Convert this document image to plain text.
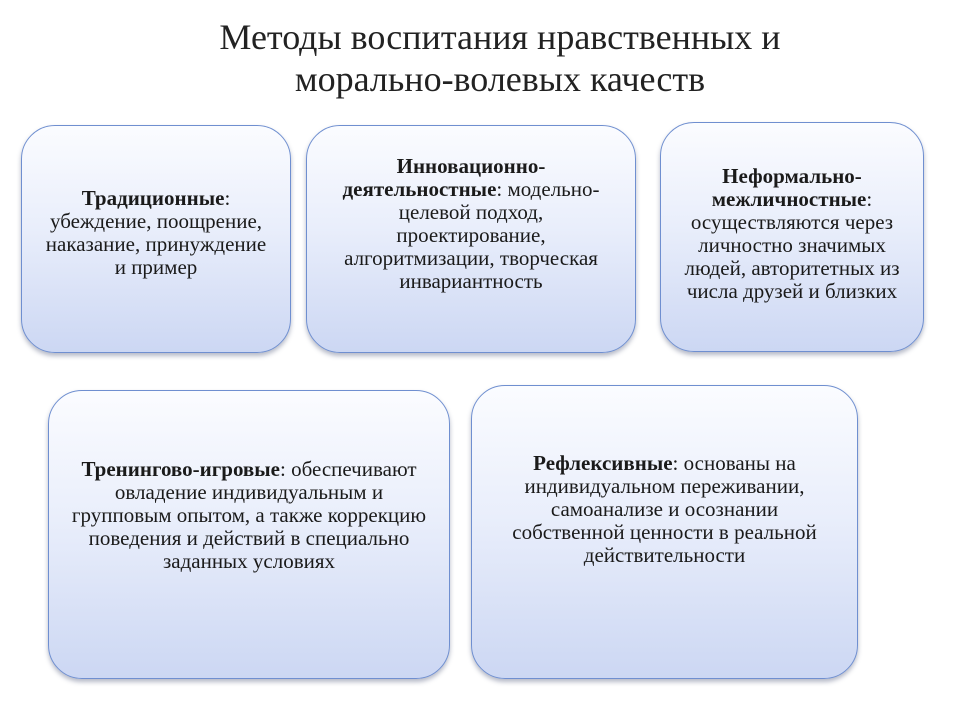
Методы воспитания нравственных и
морально-волевых качеств
Традиционные: убеждение, поощрение, наказание, принуждение и пример
Инновационно-деятельностные: модельно-целевой подход, проектирование, алгоритмизации, творческая инвариантность
Неформально-межличностные: осуществляются через личностно значимых людей, авторитетных из числа друзей и близких
Тренингово-игровые: обеспечивают овладение индивидуальным и групповым опытом, а также коррекцию поведения и действий в специально заданных условиях
Рефлексивные: основаны на индивидуальном переживании, самоанализе и осознании собственной ценности в реальной действительности
